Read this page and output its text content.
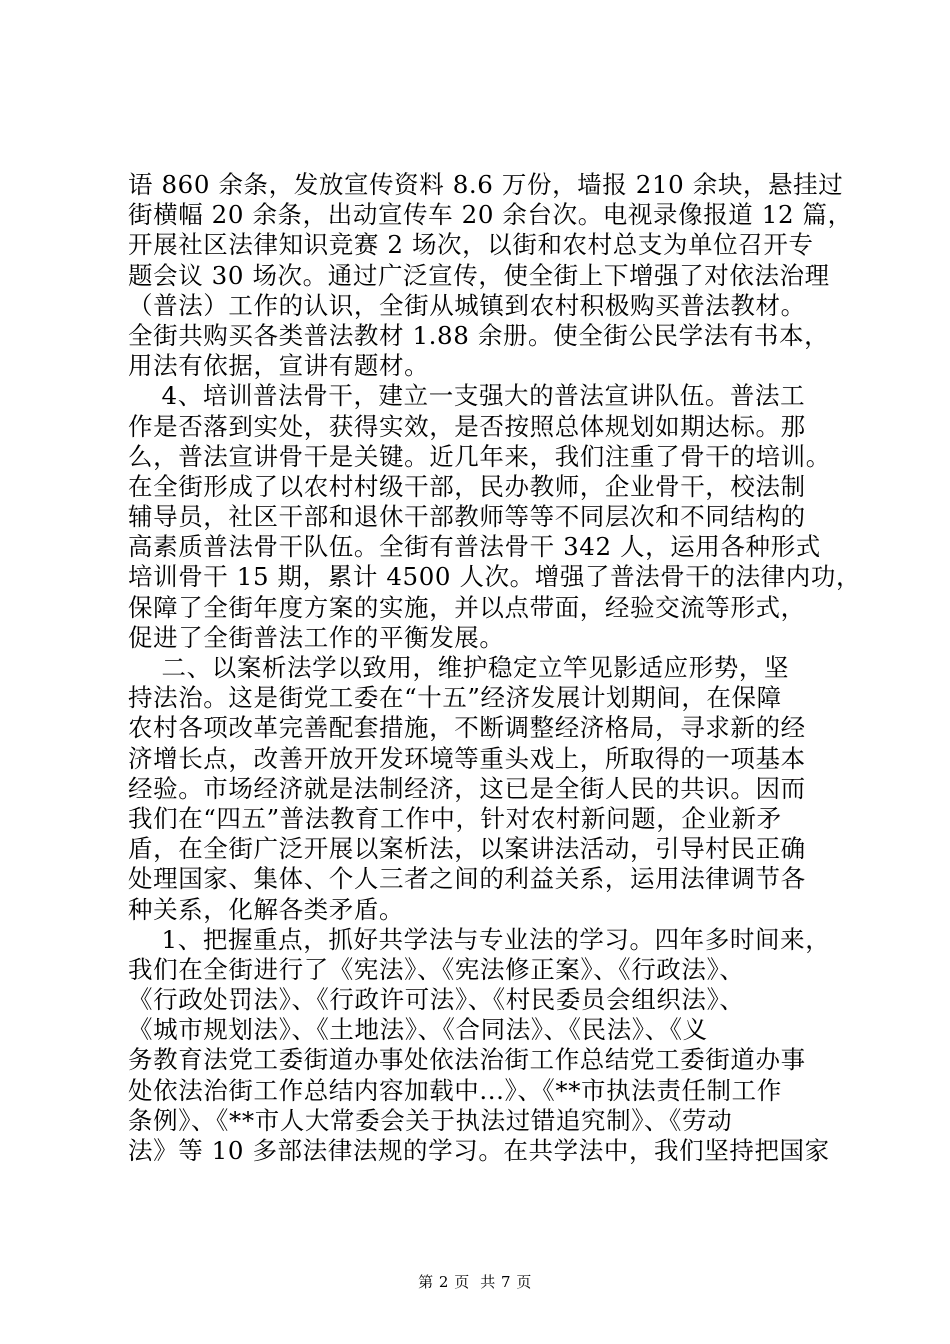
语 860 余条，发放宣传资料 8.6 万份，墙报 210 余块，悬挂过
街横幅 20 余条，出动宣传车 20 余台次。电视录像报道 12 篇，
开展社区法律知识竞赛 2 场次，以街和农村总支为单位召开专
题会议 30 场次。通过广泛宣传，使全街上下增强了对依法治理
（普法）工作的认识，全街从城镇到农村积极购买普法教材。
全街共购买各类普法教材 1.88 余册。使全街公民学法有书本，
用法有依据，宣讲有题材。
4、培训普法骨干，建立一支强大的普法宣讲队伍。普法工
作是否落到实处，获得实效，是否按照总体规划如期达标。那
么，普法宣讲骨干是关键。近几年来，我们注重了骨干的培训。
在全街形成了以农村村级干部，民办教师，企业骨干，校法制
辅导员，社区干部和退休干部教师等等不同层次和不同结构的
高素质普法骨干队伍。全街有普法骨干 342 人，运用各种形式
培训骨干 15 期，累计 4500 人次。增强了普法骨干的法律内功，
保障了全街年度方案的实施，并以点带面，经验交流等形式，
促进了全街普法工作的平衡发展。
二、以案析法学以致用，维护稳定立竿见影适应形势，坚
持法治。这是街党工委在“十五”经济发展计划期间，在保障
农村各项改革完善配套措施，不断调整经济格局，寻求新的经
济增长点，改善开放开发环境等重头戏上，所取得的一项基本
经验。市场经济就是法制经济，这已是全街人民的共识。因而
我们在“四五”普法教育工作中，针对农村新问题，企业新矛
盾，在全街广泛开展以案析法，以案讲法活动，引导村民正确
处理国家、集体、个人三者之间的利益关系，运用法律调节各
种关系，化解各类矛盾。
1、把握重点，抓好共学法与专业法的学习。四年多时间来，
我们在全街进行了《宪法》、《宪法修正案》、《行政法》、
《行政处罚法》、《行政许可法》、《村民委员会组织法》、
《城市规划法》、《土地法》、《合同法》、《民法》、《义
务教育法党工委街道办事处依法治街工作总结党工委街道办事
处依法治街工作总结内容加载中...》、《**市执法责任制工作
条例》、《**市人大常委会关于执法过错追究制》、《劳动
法》等 10 多部法律法规的学习。在共学法中，我们坚持把国家
第 2 页  共 7 页
